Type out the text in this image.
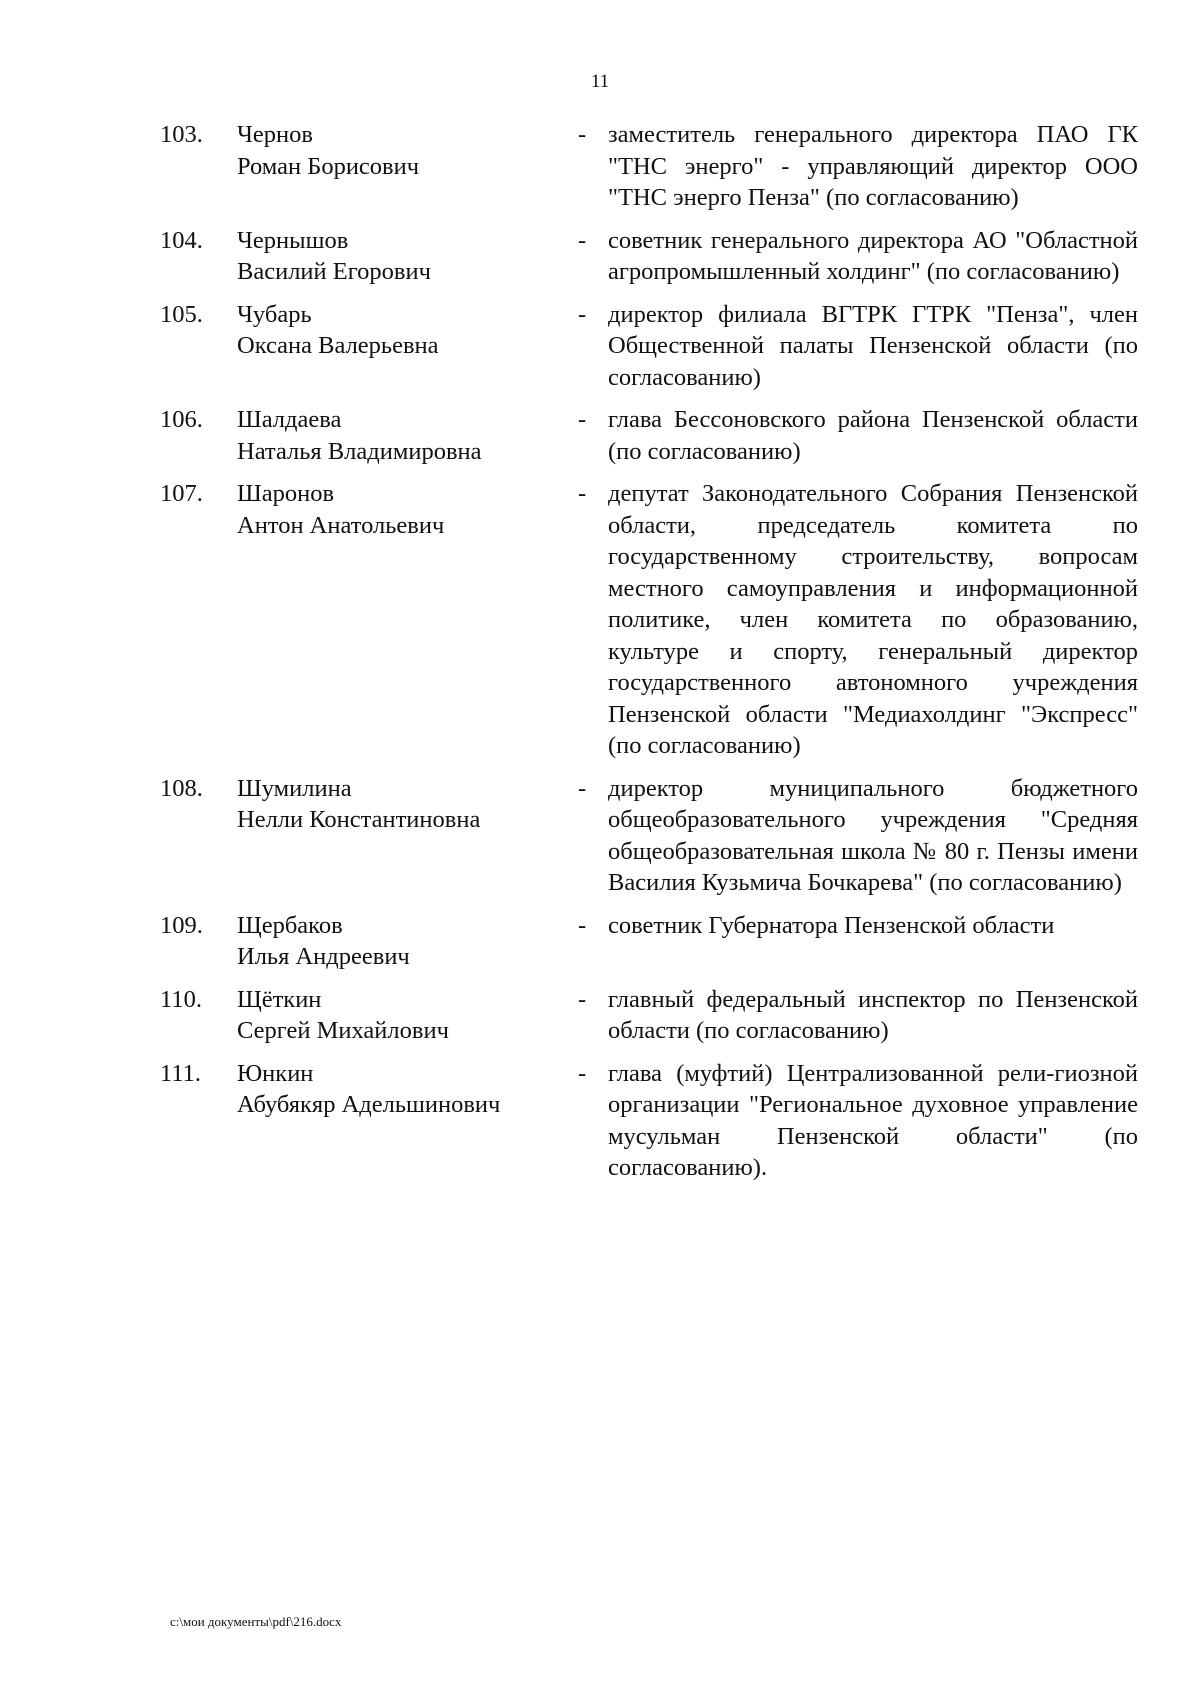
11
103.	Чернов
Роман Борисович
- заместитель генерального директора ПАО ГК "ТНС энерго" - управляющий директор ООО "ТНС энерго Пенза" (по согласованию)
104.	Чернышов
Василий Егорович
- советник генерального директора АО "Областной агропромышленный холдинг" (по согласованию)
105.	Чубарь
Оксана Валерьевна
- директор филиала ВГТРК ГТРК "Пенза", член Общественной палаты Пензенской области (по согласованию)
106.	Шалдаева
Наталья Владимировна
- глава Бессоновского района Пензенской области (по согласованию)
107.	Шаронов
Антон Анатольевич
- депутат Законодательного Собрания Пензенской области, председатель комитета по государственному строительству, вопросам местного самоуправления и информационной политике, член комитета по образованию, культуре и спорту, генеральный директор государственного автономного учреждения Пензенской области "Медиахолдинг "Экспресс" (по согласованию)
108.	Шумилина
Нелли Константиновна
- директор муниципального бюджетного общеобразовательного учреждения "Средняя общеобразовательная школа № 80 г. Пензы имени Василия Кузьмича Бочкарева" (по согласованию)
109.	Щербаков
Илья Андреевич
- советник Губернатора Пензенской области
110.	Щёткин
Сергей Михайлович
- главный федеральный инспектор по Пензенской области (по согласованию)
111.	Юнкин
Абубякяр Адельшинович
- глава (муфтий) Централизованной рели-гиозной организации "Региональное духовное управление мусульман Пензенской области" (по согласованию).
c:\мои документы\pdf\216.docx
